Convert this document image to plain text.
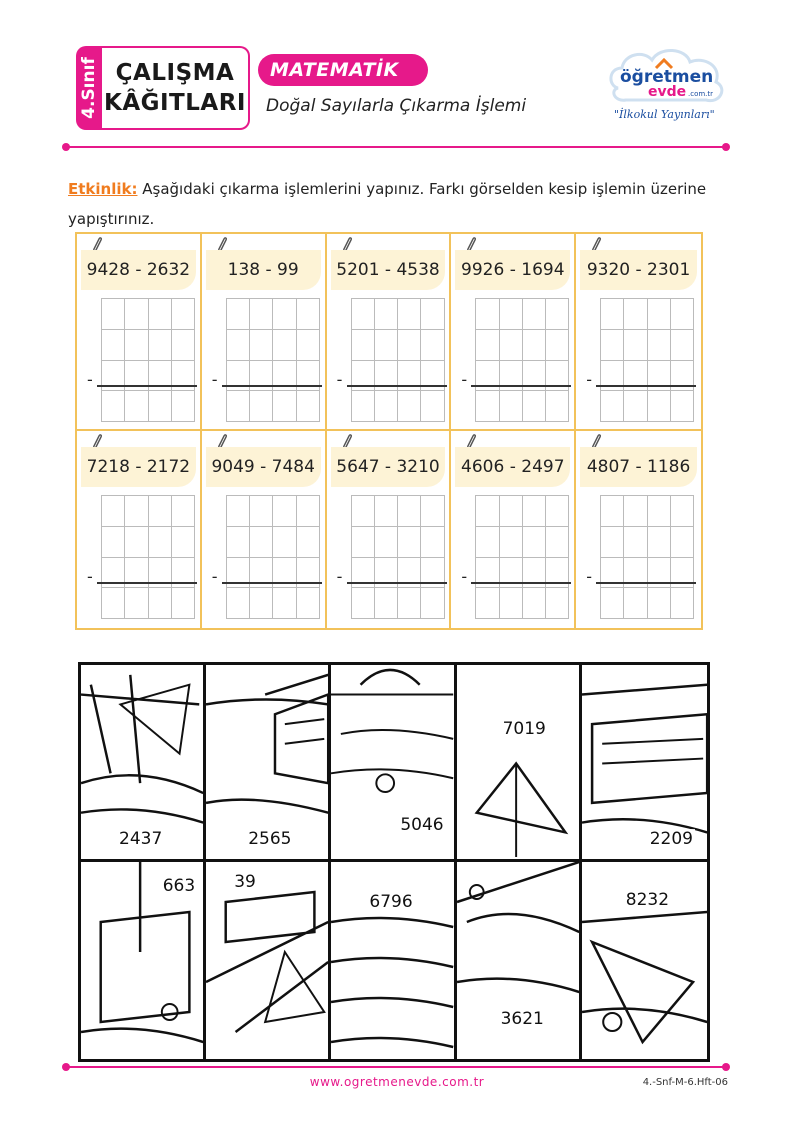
4.Sınıf ÇALIŞMA
KÂĞITLARI
MATEMATİK
Doğal Sayılarla Çıkarma İşlemi
öğretmen
evde .com.tr
"İlkokul Yayınları"
Etkinlik: Aşağıdaki çıkarma işlemlerini yapınız. Farkı görselden kesip işlemin üzerine yapıştırınız.
9428 - 2632
-
138 - 99
-
5201 - 4538
-
9926 - 1694
-
9320 - 2301
-
7218 - 2172
-
9049 - 7484
-
5647 - 3210
-
4606 - 2497
-
4807 - 1186
-
2437	2565
5046
7019
2209
663 39
6796
3621
8232
www.ogretmenevde.com.tr	4.-Snf-M-6.Hft-06
